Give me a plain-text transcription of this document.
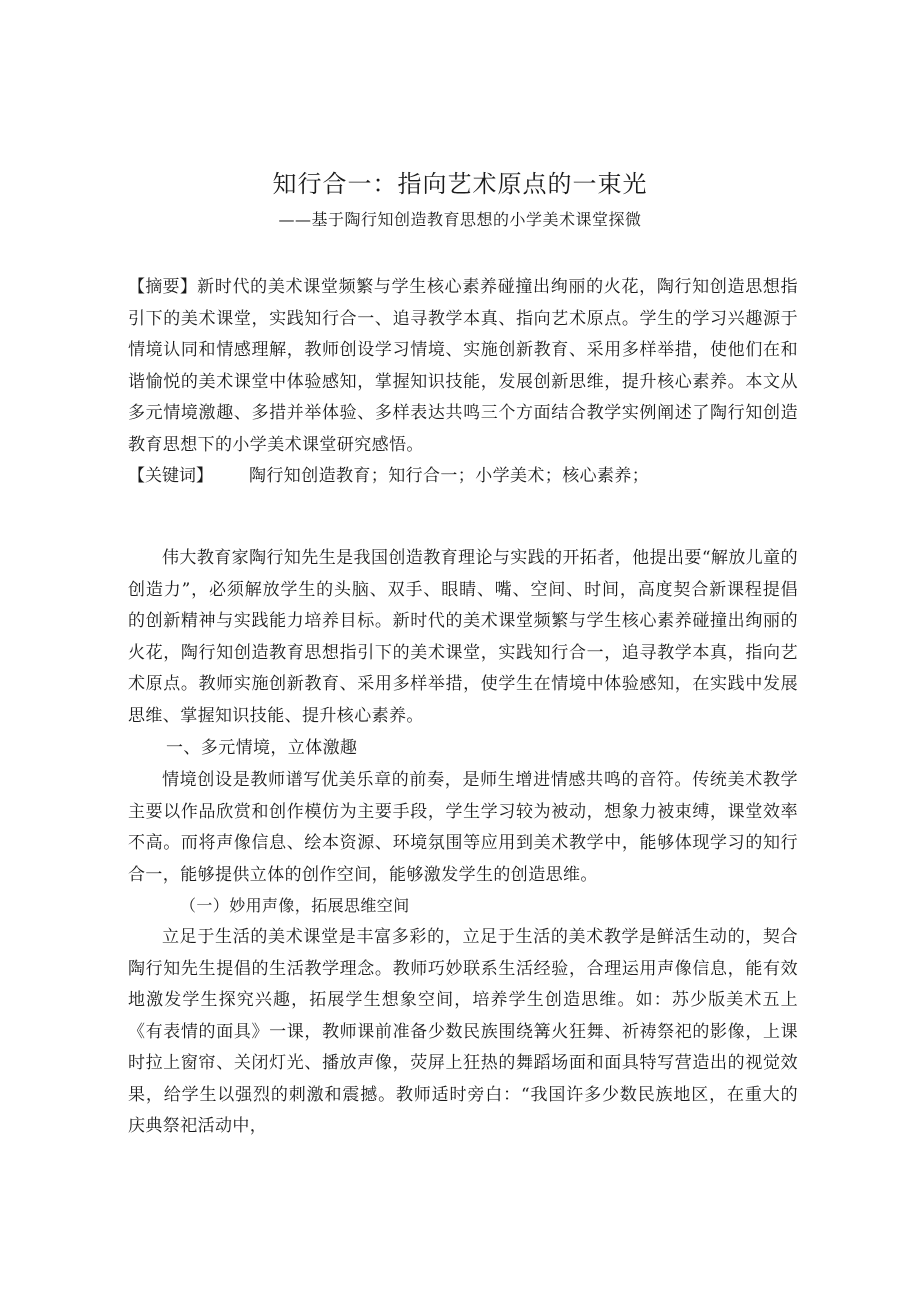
知行合一：指向艺术原点的一束光

——基于陶行知创造教育思想的小学美术课堂探微

【摘要】新时代的美术课堂频繁与学生核心素养碰撞出绚丽的火花，陶行知创造思想指引下的美术课堂，实践知行合一、追寻教学本真、指向艺术原点。学生的学习兴趣源于情境认同和情感理解，教师创设学习情境、实施创新教育、采用多样举措，使他们在和谐愉悦的美术课堂中体验感知，掌握知识技能，发展创新思维，提升核心素养。本文从多元情境激趣、多措并举体验、多样表达共鸣三个方面结合教学实例阐述了陶行知创造教育思想下的小学美术课堂研究感悟。

【关键词】 陶行知创造教育；知行合一；小学美术；核心素养；

伟大教育家陶行知先生是我国创造教育理论与实践的开拓者，他提出要“解放儿童的创造力”，必须解放学生的头脑、双手、眼睛、嘴、空间、时间，高度契合新课程提倡的创新精神与实践能力培养目标。新时代的美术课堂频繁与学生核心素养碰撞出绚丽的火花，陶行知创造教育思想指引下的美术课堂，实践知行合一，追寻教学本真，指向艺术原点。教师实施创新教育、采用多样举措，使学生在情境中体验感知，在实践中发展思维、掌握知识技能、提升核心素养。

一、多元情境，立体激趣

情境创设是教师谱写优美乐章的前奏，是师生增进情感共鸣的音符。传统美术教学主要以作品欣赏和创作模仿为主要手段，学生学习较为被动，想象力被束缚，课堂效率不高。而将声像信息、绘本资源、环境氛围等应用到美术教学中，能够体现学习的知行合一，能够提供立体的创作空间，能够激发学生的创造思维。

（一）妙用声像，拓展思维空间

立足于生活的美术课堂是丰富多彩的，立足于生活的美术教学是鲜活生动的，契合陶行知先生提倡的生活教学理念。教师巧妙联系生活经验，合理运用声像信息，能有效地激发学生探究兴趣，拓展学生想象空间，培养学生创造思维。如：苏少版美术五上《有表情的面具》一课，教师课前准备少数民族围绕篝火狂舞、祈祷祭祀的影像，上课时拉上窗帘、关闭灯光、播放声像，荧屏上狂热的舞蹈场面和面具特写营造出的视觉效果，给学生以强烈的刺激和震撼。教师适时旁白：“我国许多少数民族地区，在重大的庆典祭祀活动中，
